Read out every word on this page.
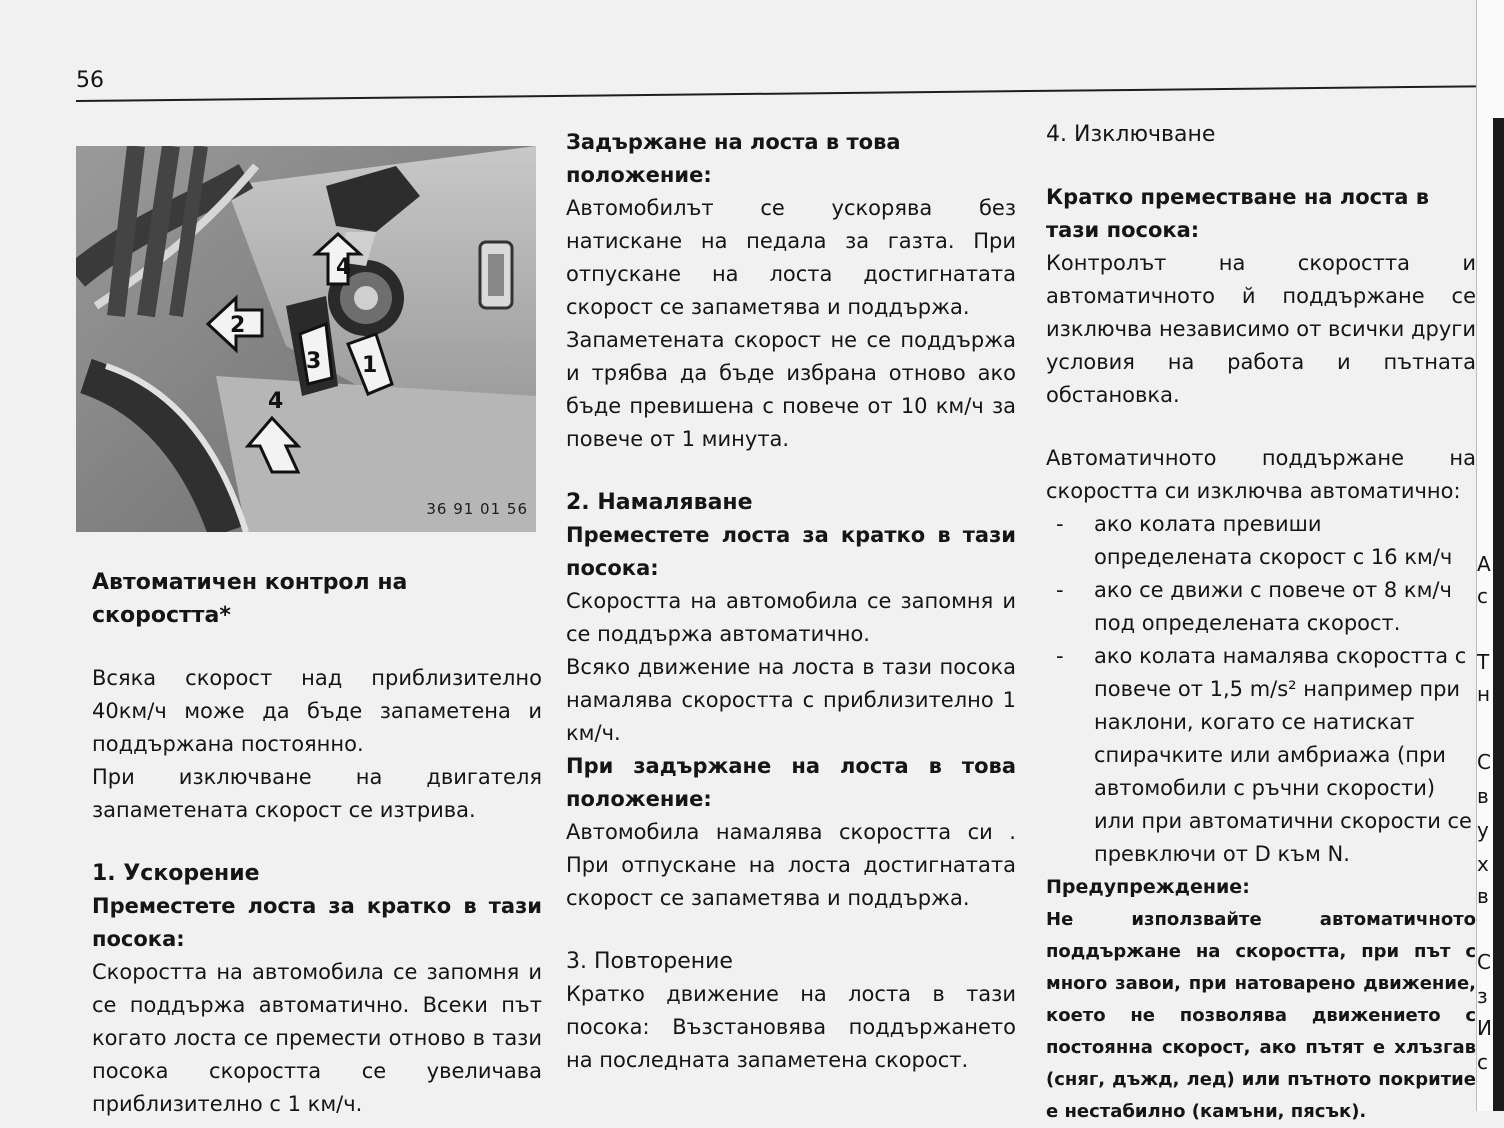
56
4
2
4
3 1
36 91 01 56

Автоматичен контрол на скоростта*

Всяка скорост над приблизително 40км/ч може да бъде запаметена и поддържана постоянно.

При изключване на двигателя запаметената скорост се изтрива.

1. Ускорение

Преместете лоста за кратко в тази посока:

Скоростта на автомобила се запомня и се поддържа автоматично. Всеки път когато лоста се премести отново в тази посока скоростта се увеличава приблизително с 1 км/ч.

Задържане на лоста в това положение:

Автомобилът се ускорява без натискане на педала за газта. При отпускане на лоста достигнатата скорост се запаметява и поддържа.

Запаметената скорост не се поддържа и трябва да бъде избрана отново ако бъде превишена с повече от 10 км/ч за повече от 1 минута.

2. Намаляване

Преместете лоста за кратко в тази посока:

Скоростта на автомобила се запомня и се поддържа автоматично.

Всяко движение на лоста в тази посока намалява скоростта с приблизително 1 км/ч.

При задържане на лоста в това положение:

Автомобила намалява скоростта си . При отпускане на лоста достигнатата скорост се запаметява и поддържа.

3. Повторение

Кратко движение на лоста в тази посока: Възстановява поддържането на последната запаметена скорост.

4. Изключване

Кратко преместване на лоста в тази посока:

Контролът на скоростта и автоматичното й поддържане се изключва независимо от всички други условия на работа и пътната обстановка.

Автоматичното поддържане на скоростта си изключва автоматично:

- ако колата превиши определената скорост с 16 км/ч
- ако се движи с повече от 8 км/ч под определената скорост.
- ако колата намалява скоростта с повече от 1,5 m/s² например при наклони, когато се натискат спирачките или амбриажа (при автомобили с ръчни скорости) или при автоматични скорости се превключи от D към N.

Предупреждение:

Не използвайте автоматичното поддържане на скоростта, при път с много завои, при натоварено движение, което не позволява движението с постоянна скорост, ако пътят е хлъзгав (сняг, дъжд, лед) или пътното покритие е нестабилно (камъни, пясък).

А
с
Т
н
С
в
у
х
в
С
з
И
с
